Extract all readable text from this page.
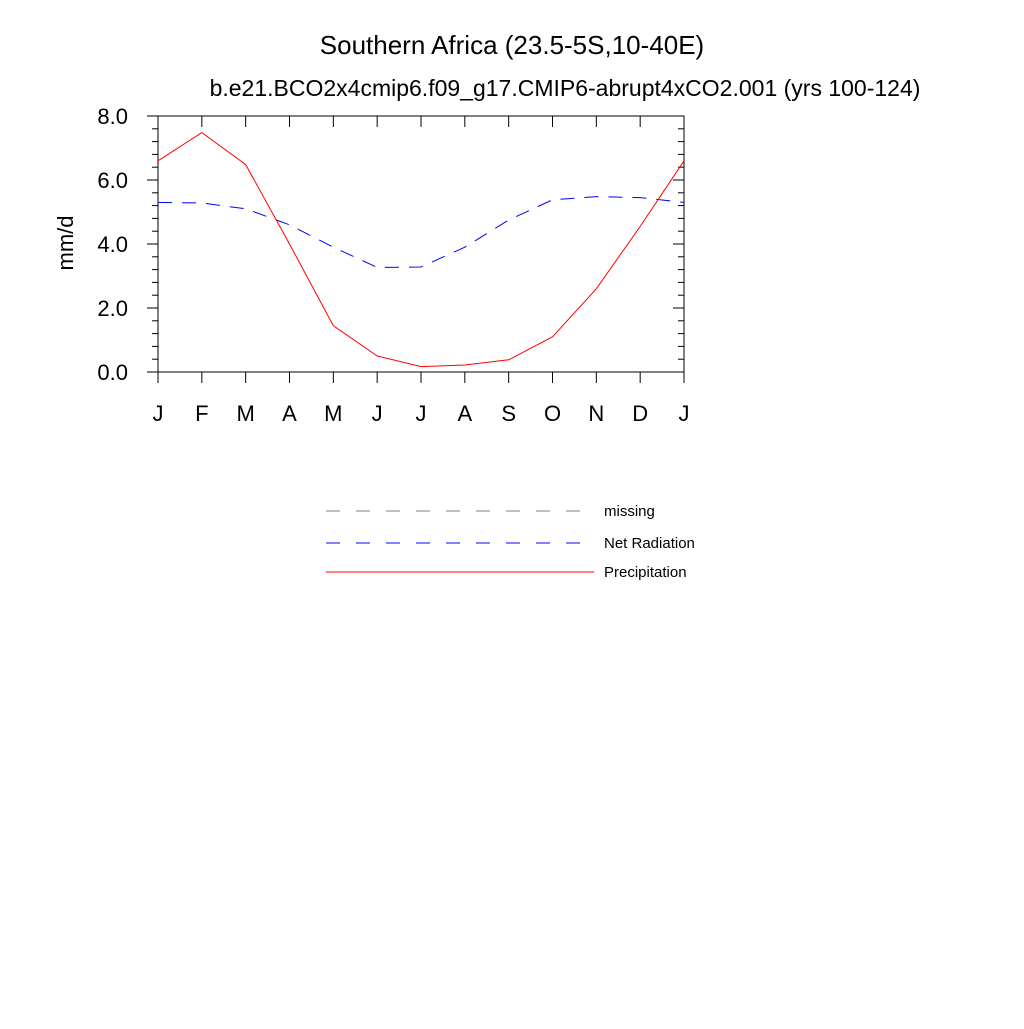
Southern Africa (23.5-5S,10-40E)
b.e21.BCO2x4cmip6.f09_g17.CMIP6-abrupt4xCO2.001 (yrs 100-124)
mm/d
J F M A M J J A S O N D J
0.0
2.0
4.0
6.0
8.0
missing
Net Radiation
Precipitation
